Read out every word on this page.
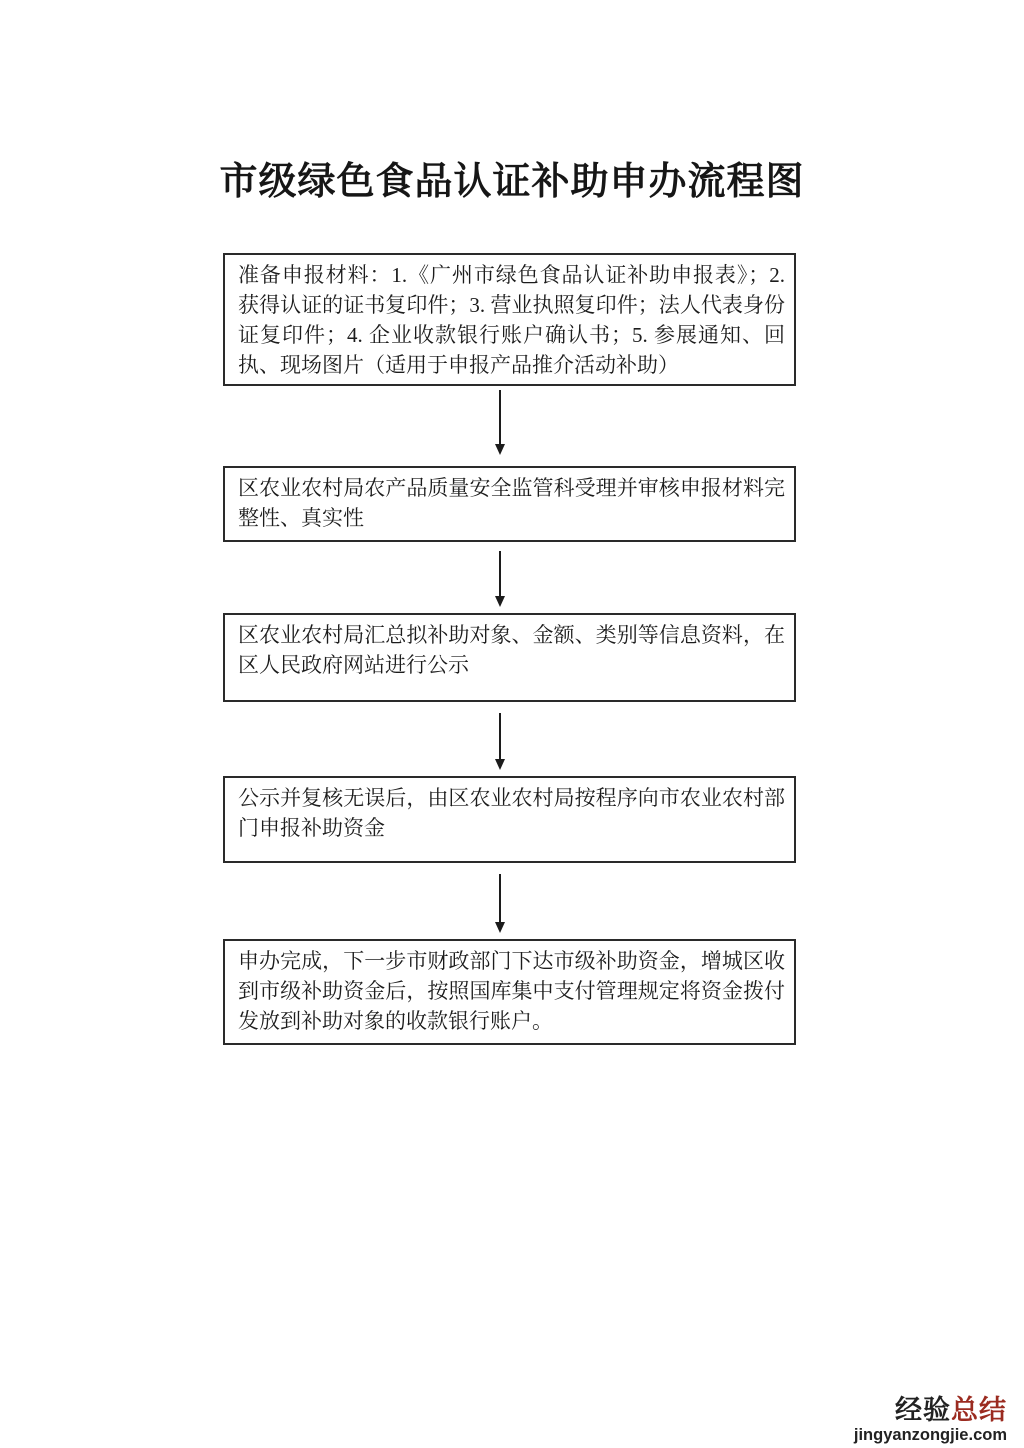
市级绿色食品认证补助申办流程图

准备申报材料：1.《广州市绿色食品认证补助申报表》；2. 获得认证的证书复印件；3. 营业执照复印件；法人代表身份证复印件；4. 企业收款银行账户确认书；5. 参展通知、回执、现场图片（适用于申报产品推介活动补助）

区农业农村局农产品质量安全监管科受理并审核申报材料完整性、真实性

区农业农村局汇总拟补助对象、金额、类别等信息资料，在区人民政府网站进行公示

公示并复核无误后，由区农业农村局按程序向市农业农村部门申报补助资金

申办完成，下一步市财政部门下达市级补助资金，增城区收到市级补助资金后，按照国库集中支付管理规定将资金拨付发放到补助对象的收款银行账户。

经验总结
jingyanzongjie.com
